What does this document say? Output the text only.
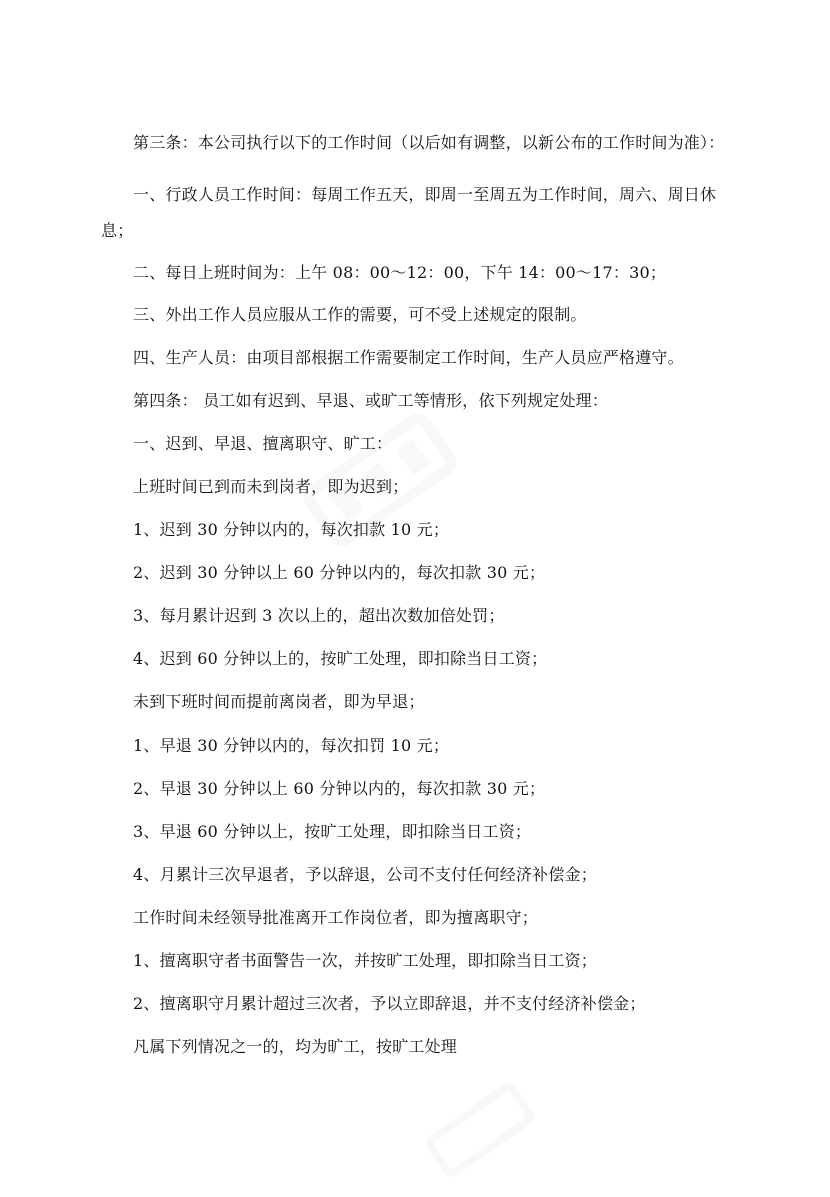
第三条：本公司执行以下的工作时间（以后如有调整，以新公布的工作时间为准）：
一、行政人员工作时间：每周工作五天，即周一至周五为工作时间，周六、周日休
息；
二、每日上班时间为：上午 08：00～12：00，下午 14：00～17：30；
三、外出工作人员应服从工作的需要，可不受上述规定的限制。
四、生产人员：由项目部根据工作需要制定工作时间，生产人员应严格遵守。
第四条： 员工如有迟到、早退、或旷工等情形，依下列规定处理：
一、迟到、早退、擅离职守、旷工：
上班时间已到而未到岗者，即为迟到；
1、迟到 30 分钟以内的，每次扣款 10 元；
2、迟到 30 分钟以上 60 分钟以内的，每次扣款 30 元；
3、每月累计迟到 3 次以上的，超出次数加倍处罚；
4、迟到 60 分钟以上的，按旷工处理，即扣除当日工资；
未到下班时间而提前离岗者，即为早退；
1、早退 30 分钟以内的，每次扣罚 10 元；
2、早退 30 分钟以上 60 分钟以内的，每次扣款 30 元；
3、早退 60 分钟以上，按旷工处理，即扣除当日工资；
4、月累计三次早退者，予以辞退，公司不支付任何经济补偿金；
工作时间未经领导批准离开工作岗位者，即为擅离职守；
1、擅离职守者书面警告一次，并按旷工处理，即扣除当日工资；
2、擅离职守月累计超过三次者，予以立即辞退，并不支付经济补偿金；
凡属下列情况之一的，均为旷工，按旷工处理
